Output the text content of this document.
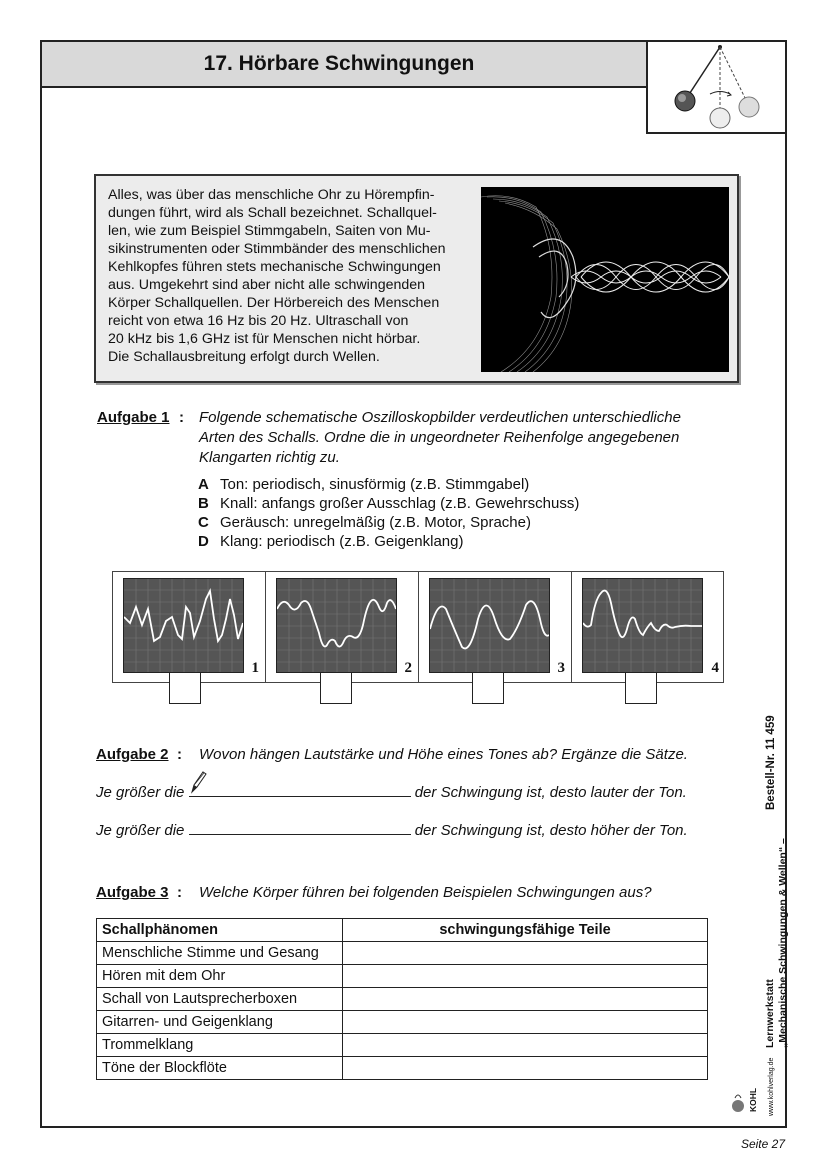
17. Hörbare Schwingungen
Alles, was über das menschliche Ohr zu Hörempfin-
dungen führt, wird als Schall bezeichnet. Schallquel-
len, wie zum Beispiel Stimmgabeln, Saiten von Mu-
sikinstrumenten oder Stimmbänder des menschlichen
Kehlkopfes führen stets mechanische Schwingungen
aus. Umgekehrt sind aber nicht alle schwingenden
Körper Schallquellen. Der Hörbereich des Menschen
reicht von etwa 16 Hz bis 20 Hz. Ultraschall von
20 kHz bis 1,6 GHz ist für Menschen nicht hörbar.
Die Schallausbreitung erfolgt durch Wellen.
Aufgabe 1 : Folgende schematische Oszilloskopbilder verdeutlichen unterschiedliche
Arten des Schalls. Ordne die in ungeordneter Reihenfolge angegebenen
Klangarten richtig zu.
A Ton: periodisch, sinusförmig (z.B. Stimmgabel)
B Knall: anfangs großer Ausschlag (z.B. Gewehrschuss)
C Geräusch: unregelmäßig (z.B. Motor, Sprache)
D Klang: periodisch (z.B. Geigenklang)
1	2	3	4
Aufgabe 2 : Wovon hängen Lautstärke und Höhe eines Tones ab? Ergänze die Sätze.
Je größer die	der Schwingung ist, desto lauter der Ton.
Je größer die	der Schwingung ist, desto höher der Ton.
Aufgabe 3 : Welche Körper führen bei folgenden Beispielen Schwingungen aus?
Schallphänomen	schwingungsfähige Teile
Menschliche Stimme und Gesang	
Hören mit dem Ohr	
Schall von Lautsprecherboxen	
Gitarren- und Geigenklang	
Trommelklang	
Töne der Blockflöte	
Bestell-Nr. 11 459
Lernwerkstatt „Mechanische Schwingungen & Wellen“ –
KOHL www.kohlverlag.de
Seite 27
